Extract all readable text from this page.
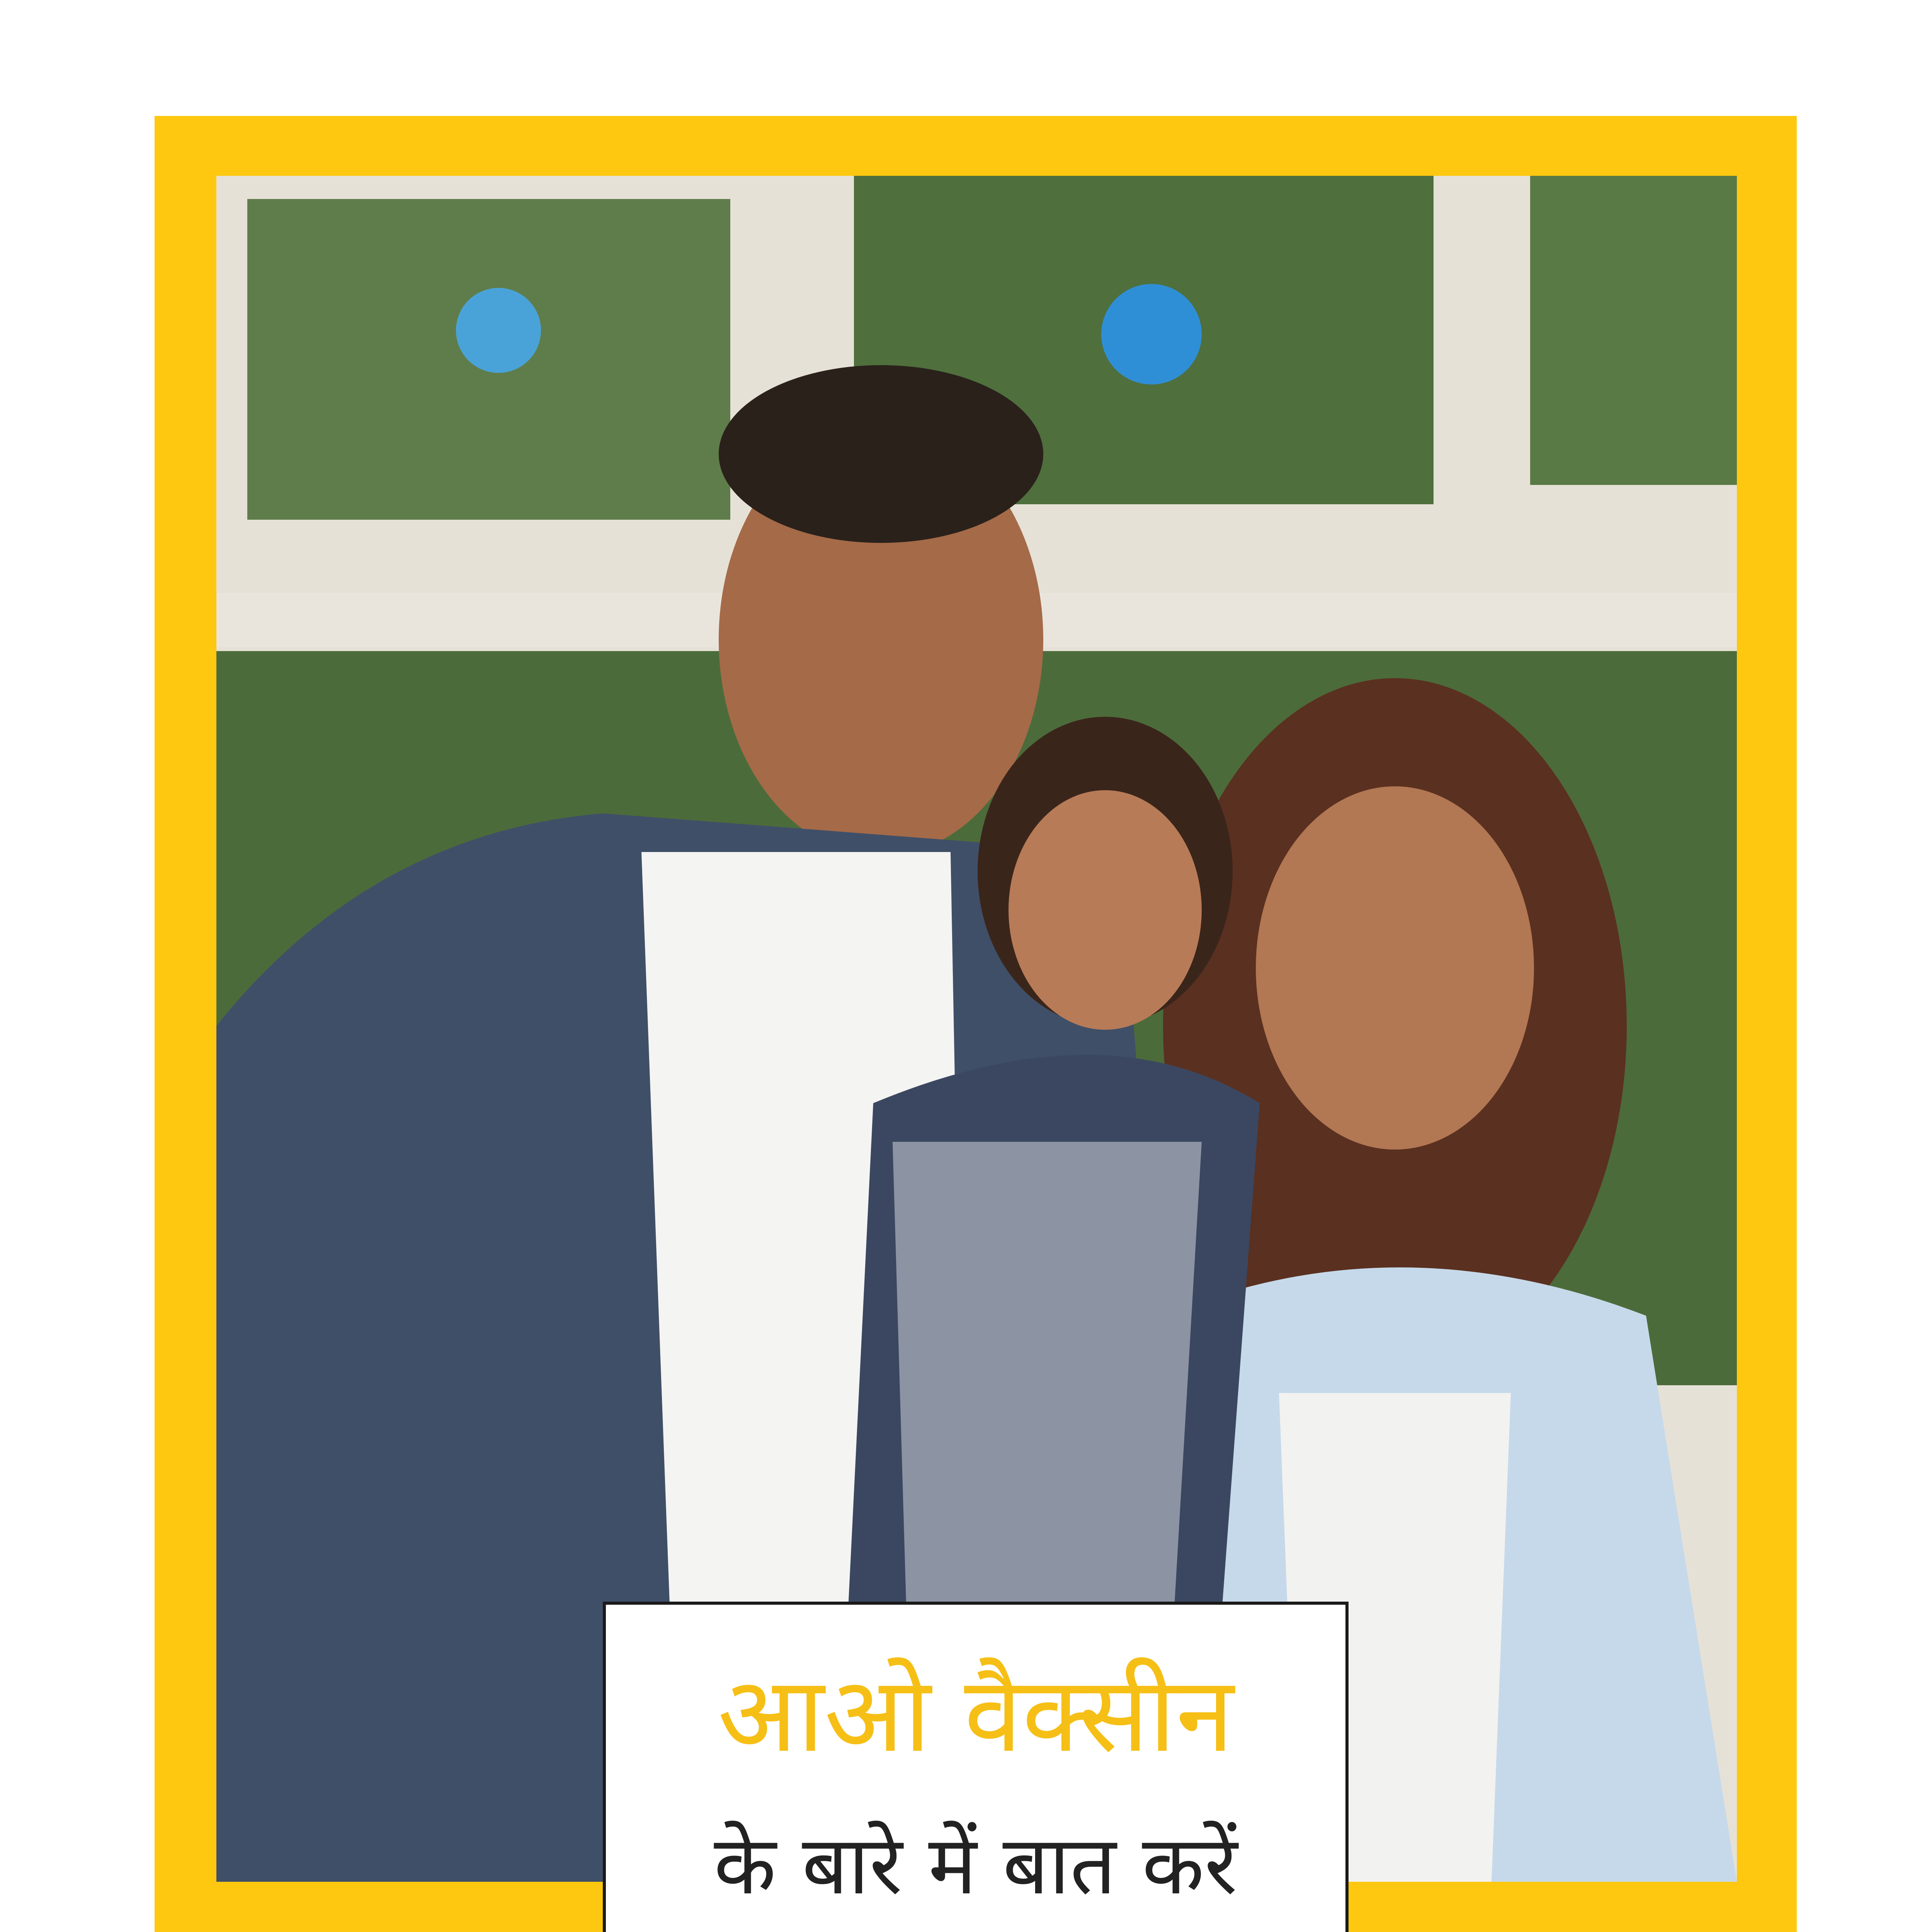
आओ वैक्सीन
के बारे में बात करें
